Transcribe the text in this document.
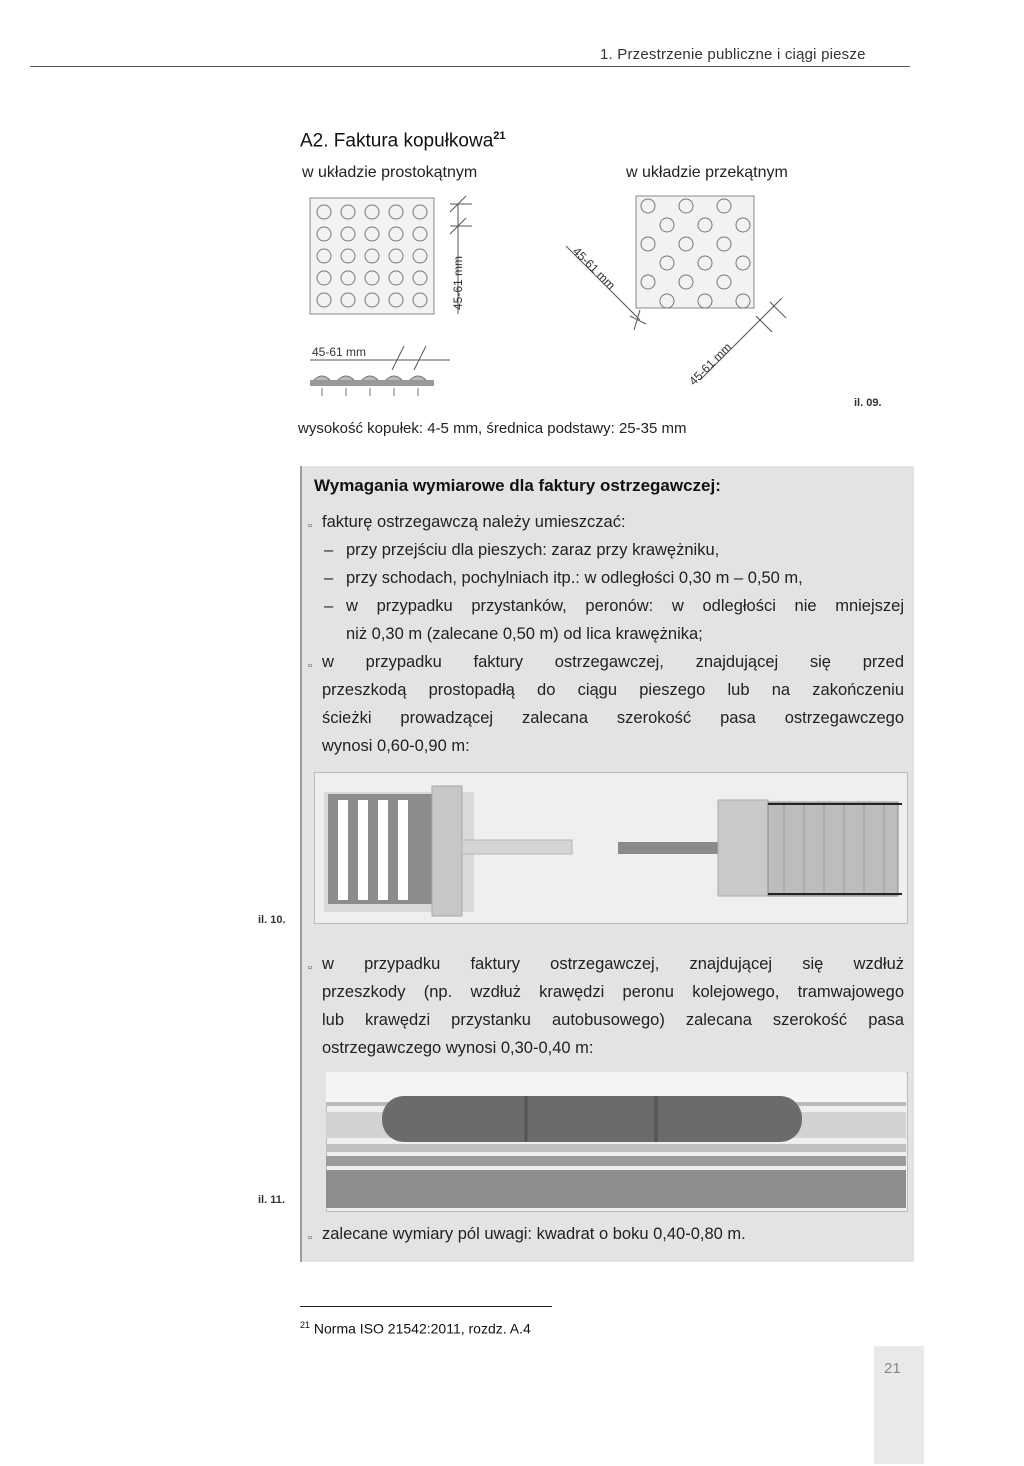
1. Przestrzenie publiczne i ciągi piesze
A2. Faktura kopułkowa$^{21}$
w układzie prostokątnym	w układzie przekątnym
45-61 mm
45-61 mm
45-61 mm
45-61 mm
il. 09.
wysokość kopułek: 4-5 mm, średnica podstawy: 25-35 mm
Wymagania wymiarowe dla faktury ostrzegawczej:
▫ fakturę ostrzegawczą należy umieszczać:
– przy przejściu dla pieszych: zaraz przy krawężniku,
– przy schodach, pochylniach itp.: w odległości 0,30 m – 0,50 m,
– w przypadku przystanków, peronów: w odległości nie mniejszej
niż 0,30 m (zalecane 0,50 m) od lica krawężnika;
▫ w przypadku faktury ostrzegawczej, znajdującej się przed
przeszkodą prostopadłą do ciągu pieszego lub na zakończeniu
ścieżki prowadzącej zalecana szerokość pasa ostrzegawczego
wynosi 0,60-0,90 m:
il. 10.
▫ w przypadku faktury ostrzegawczej, znajdującej się wzdłuż
przeszkody (np. wzdłuż krawędzi peronu kolejowego, tramwajowego
lub krawędzi przystanku autobusowego) zalecana szerokość pasa
ostrzegawczego wynosi 0,30-0,40 m:
il. 11.
▫ zalecane wymiary pól uwagi: kwadrat o boku 0,40-0,80 m.
$^{21}$ Norma ISO 21542:2011, rozdz. A.4
21
